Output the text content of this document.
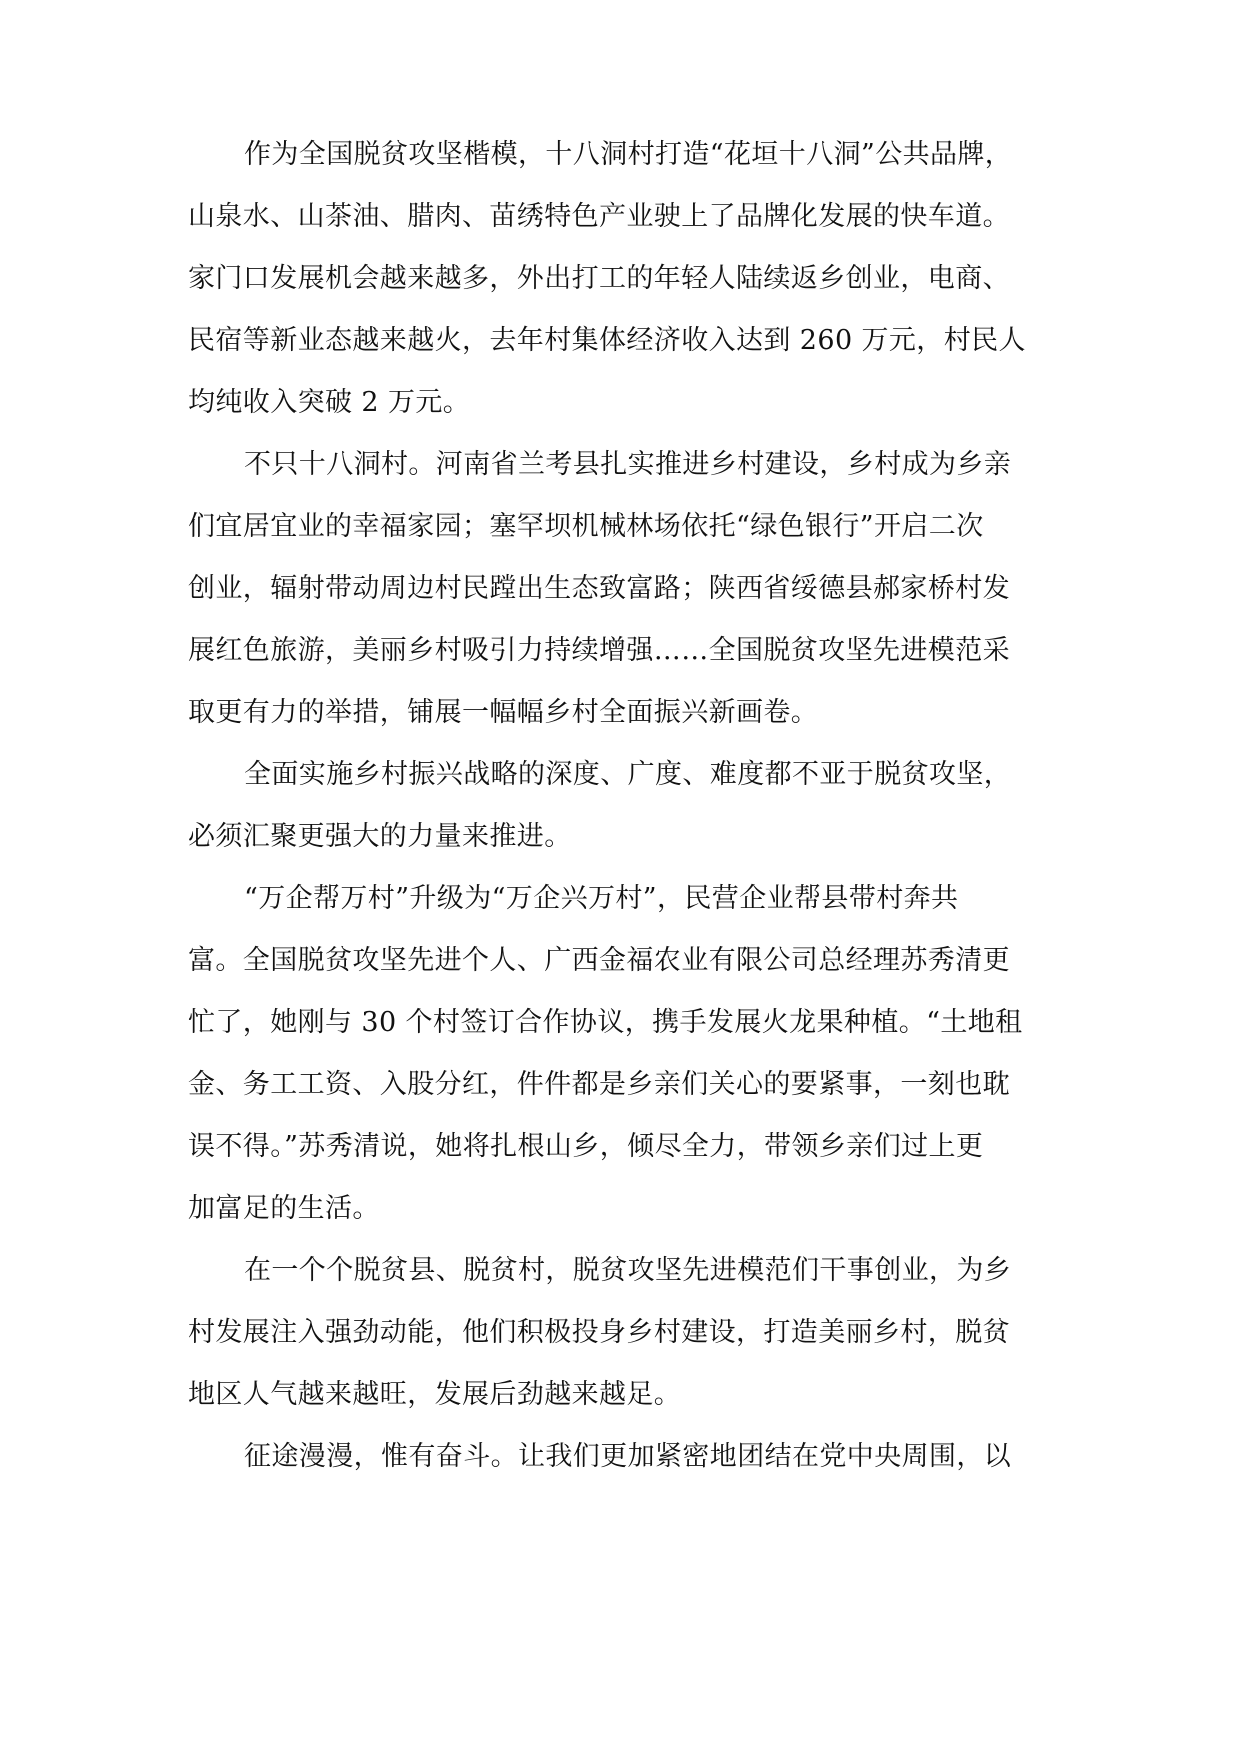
作为全国脱贫攻坚楷模，十八洞村打造“花垣十八洞”公共品牌，
山泉水、山茶油、腊肉、苗绣特色产业驶上了品牌化发展的快车道。
家门口发展机会越来越多，外出打工的年轻人陆续返乡创业，电商、
民宿等新业态越来越火，去年村集体经济收入达到 260 万元，村民人
均纯收入突破 2 万元。
不只十八洞村。河南省兰考县扎实推进乡村建设，乡村成为乡亲
们宜居宜业的幸福家园；塞罕坝机械林场依托“绿色银行”开启二次
创业，辐射带动周边村民蹚出生态致富路；陕西省绥德县郝家桥村发
展红色旅游，美丽乡村吸引力持续增强……全国脱贫攻坚先进模范采
取更有力的举措，铺展一幅幅乡村全面振兴新画卷。
全面实施乡村振兴战略的深度、广度、难度都不亚于脱贫攻坚，
必须汇聚更强大的力量来推进。
“万企帮万村”升级为“万企兴万村”，民营企业帮县带村奔共
富。全国脱贫攻坚先进个人、广西金福农业有限公司总经理苏秀清更
忙了，她刚与 30 个村签订合作协议，携手发展火龙果种植。“土地租
金、务工工资、入股分红，件件都是乡亲们关心的要紧事，一刻也耽
误不得。”苏秀清说，她将扎根山乡，倾尽全力，带领乡亲们过上更
加富足的生活。
在一个个脱贫县、脱贫村，脱贫攻坚先进模范们干事创业，为乡
村发展注入强劲动能，他们积极投身乡村建设，打造美丽乡村，脱贫
地区人气越来越旺，发展后劲越来越足。
征途漫漫，惟有奋斗。让我们更加紧密地团结在党中央周围，以
